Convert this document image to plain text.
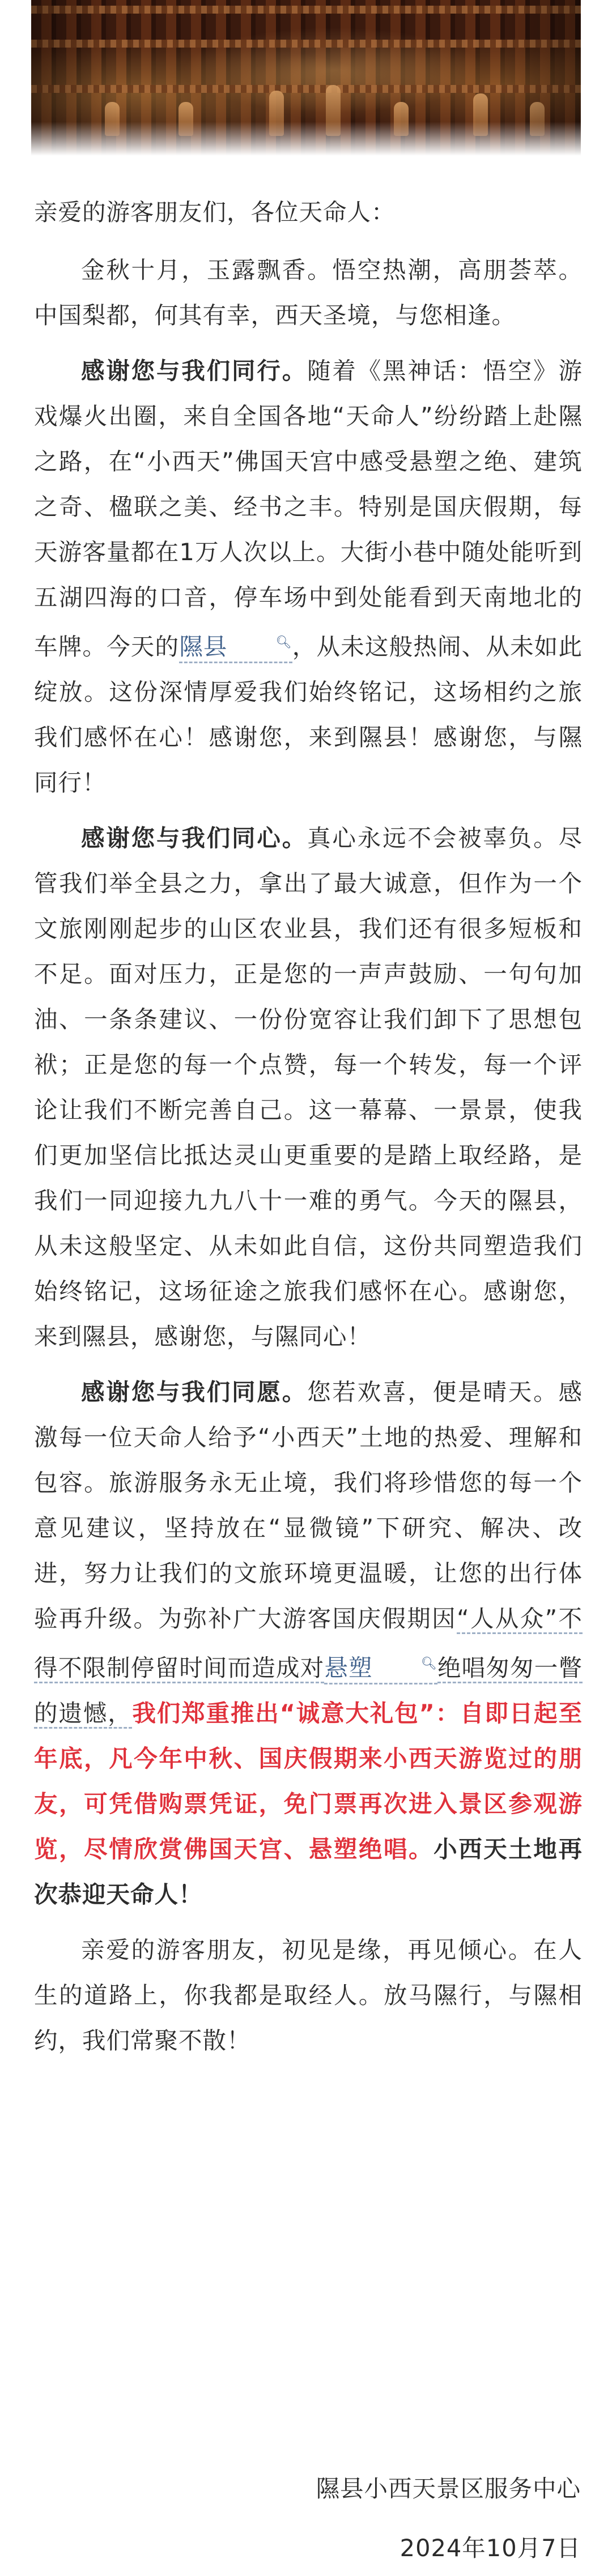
亲爱的游客朋友们，各位天命人：

金秋十月，玉露飘香。悟空热潮，高朋荟萃。中国梨都，何其有幸，西天圣境，与您相逢。

感谢您与我们同行。随着《黑神话：悟空》游戏爆火出圈，来自全国各地“天命人”纷纷踏上赴隰之路，在“小西天”佛国天宫中感受悬塑之绝、建筑之奇、楹联之美、经书之丰。特别是国庆假期，每天游客量都在1万人次以上。大街小巷中随处能听到五湖四海的口音，停车场中到处能看到天南地北的车牌。今天的隰县	🔍︎，从未这般热闹、从未如此绽放。这份深情厚爱我们始终铭记，这场相约之旅我们感怀在心！感谢您，来到隰县！感谢您，与隰同行！

感谢您与我们同心。真心永远不会被辜负。尽管我们举全县之力，拿出了最大诚意，但作为一个文旅刚刚起步的山区农业县，我们还有很多短板和不足。面对压力，正是您的一声声鼓励、一句句加油、一条条建议、一份份宽容让我们卸下了思想包袱；正是您的每一个点赞，每一个转发，每一个评论让我们不断完善自己。这一幕幕、一景景，使我们更加坚信比抵达灵山更重要的是踏上取经路，是我们一同迎接九九八十一难的勇气。今天的隰县，从未这般坚定、从未如此自信，这份共同塑造我们始终铭记，这场征途之旅我们感怀在心。感谢您，来到隰县，感谢您，与隰同心！

感谢您与我们同愿。您若欢喜，便是晴天。感激每一位天命人给予“小西天”土地的热爱、理解和包容。旅游服务永无止境，我们将珍惜您的每一个意见建议，坚持放在“显微镜”下研究、解决、改进，努力让我们的文旅环境更温暖，让您的出行体验再升级。为弥补广大游客国庆假期因“人从众”不得不限制停留时间而造成对悬塑	🔍︎绝唱匆匆一瞥的遗憾，我们郑重推出“诚意大礼包”：自即日起至年底，凡今年中秋、国庆假期来小西天游览过的朋友，可凭借购票凭证，免门票再次进入景区参观游览，尽情欣赏佛国天宫、悬塑绝唱。小西天土地再次恭迎天命人！

亲爱的游客朋友，初见是缘，再见倾心。在人生的道路上，你我都是取经人。放马隰行，与隰相约，我们常聚不散！

隰县小西天景区服务中心
2024年10月7日
